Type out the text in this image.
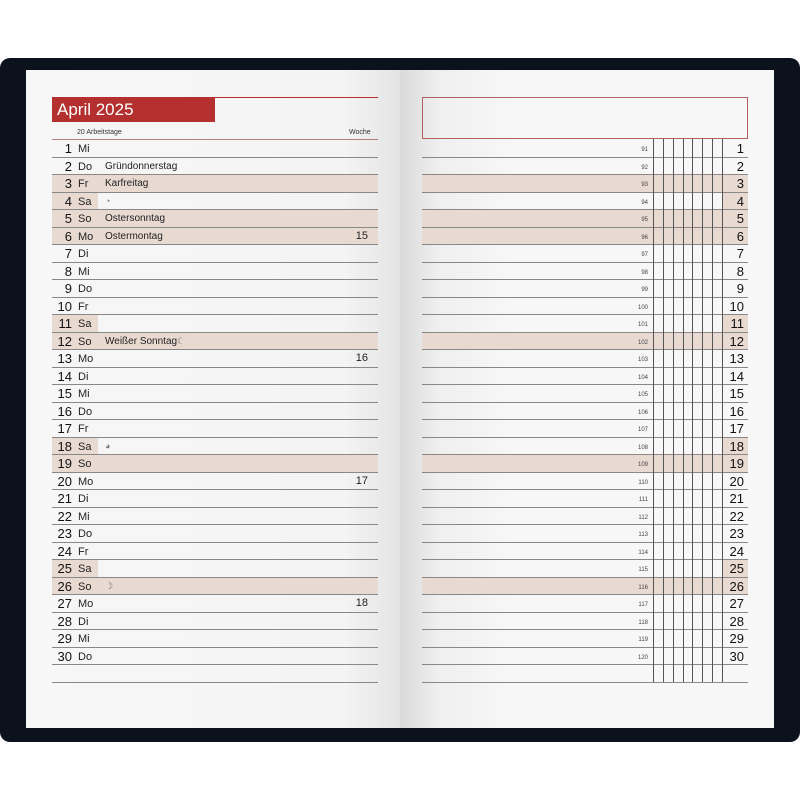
April 2025
20 Arbeitstage	Woche
1 Mi	91	1
2 Do Gründonnerstag	92	2
3 Fr Karfreitag	93	3
4 Sa ◔	94	4
5 So Ostersonntag	95	5
6 Mo Ostermontag	15	96	6
7 Di	97	7
8 Mi	98	8
9 Do	99	9
10 Fr	100	10
11 Sa	101	11
12 So Weißer Sonntag ☾	102	12
13 Mo	16	103	13
14 Di	104	14
15 Mi	105	15
16 Do	106	16
17 Fr	107	17
18 Sa ◕	108	18
19 So	109	19
20 Mo	17	110	20
21 Di	111	21
22 Mi	112	22
23 Do	113	23
24 Fr	114	24
25 Sa	115	25
26 So ☽	116	26
27 Mo	18	117	27
28 Di	118	28
29 Mi	119	29
30 Do	120	30
